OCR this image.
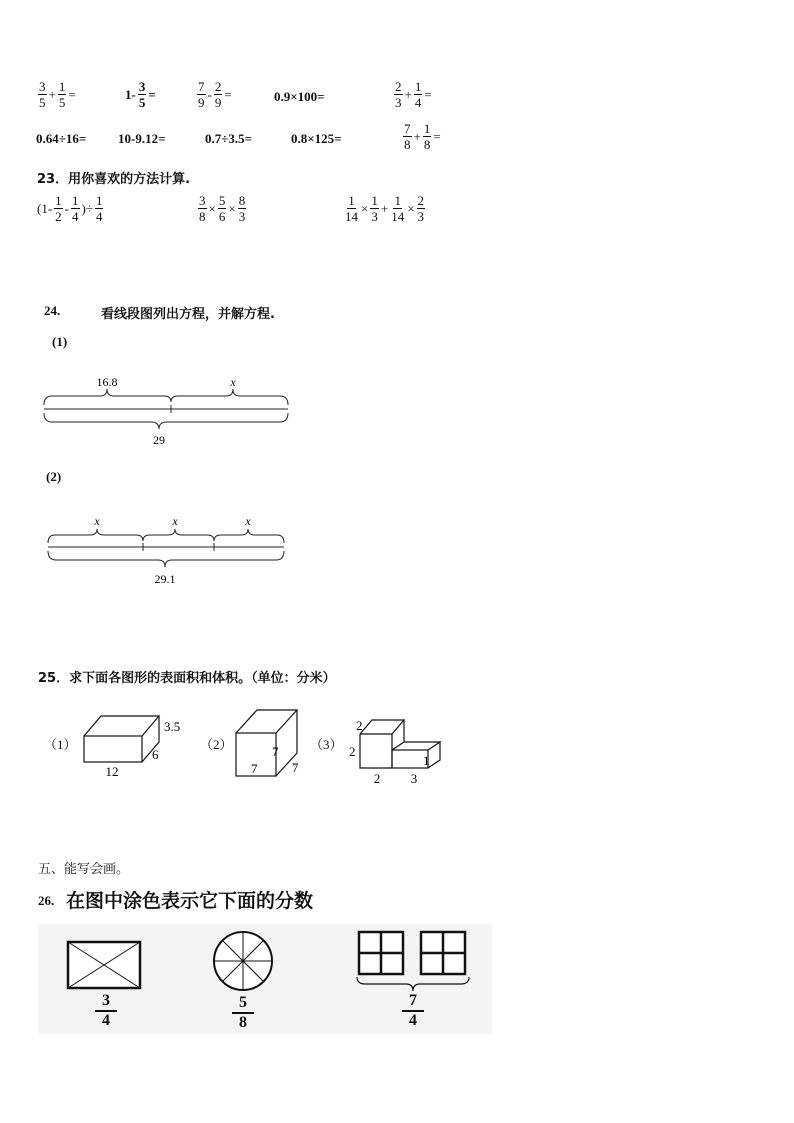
$\frac{3}{5} + \frac{1}{5}$ =	$1- \frac{3}{5}$ =	$\frac{7}{9} - \frac{2}{9}$ =	0.9×100=	$\frac{2}{3} + \frac{1}{4}$ =
0.64÷16= 10-9.12=	0.7÷3.5=	0.8×125=	$\frac{7}{8} + \frac{1}{8}$ =
23．用你喜欢的方法计算.
($1- \frac{1}{2} - \frac{1}{4}$ )÷ $\frac{1}{4}$	$\frac{3}{8} \times \frac{5}{6} \times \frac{8}{3}$	$\frac{1}{14} \times \frac{1}{3} + \frac{1}{14} \times \frac{2}{3}$
24.	看线段图列出方程，并解方程.
(1)
16.8	x
29
(2)
x	x	x
29.1
25．求下面各图形的表面积和体积。（单位：分米）
（1）
3.5
6
12
（2）	7
7	7
（3）
2
2
1
2 3
五、能写会画。
26. 在图中涂色表示它下面的分数
$\frac{3}{4}$	$\frac{5}{8}$	$\frac{7}{4}$
